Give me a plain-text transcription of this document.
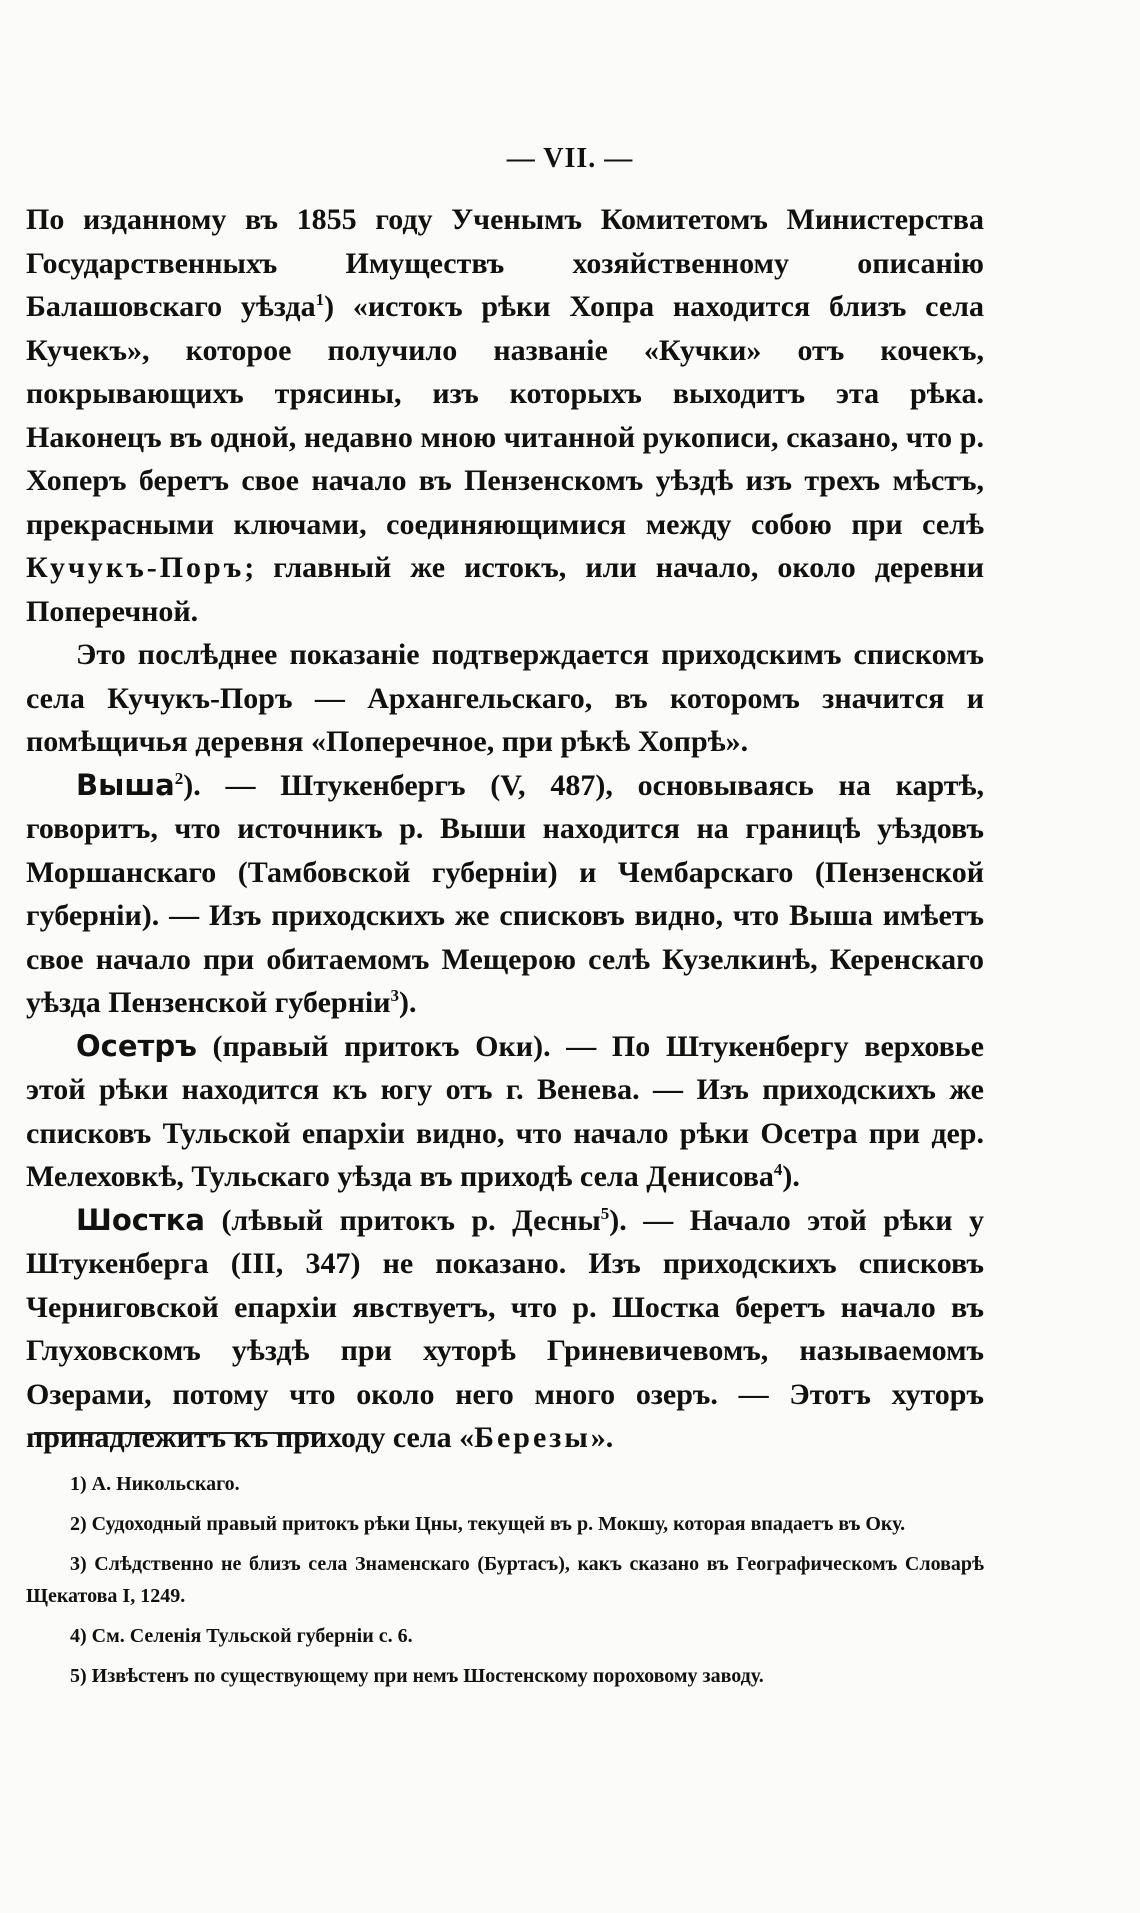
— VII. —

По изданному въ 1855 году Ученымъ Комитетомъ Министерства Государственныхъ Имуществъ хозяйственному описанію Балашовскаго уѣзда$^1$) «истокъ рѣки Хопра находится близъ села Кучекъ», которое получило названіе «Кучки» отъ кочекъ, покрывающихъ трясины, изъ которыхъ выходитъ эта рѣка. Наконецъ въ одной, недавно мною читанной рукописи, сказано, что р. Хоперъ беретъ свое начало въ Пензенскомъ уѣздѣ изъ трехъ мѣстъ, прекрасными ключами, соединяющимися между собою при селѣ Кучукъ-Поръ; главный же истокъ, или начало, около деревни Поперечной.

Это послѣднее показаніе подтверждается приходскимъ спискомъ села Кучукъ-Поръ — Архангельскаго, въ которомъ значится и помѣщичья деревня «Поперечное, при рѣкѣ Хопрѣ».

Выша$^2$). — Штукенбергъ (V, 487), основываясь на картѣ, говоритъ, что источникъ р. Выши находится на границѣ уѣздовъ Моршанскаго (Тамбовской губерніи) и Чембарскаго (Пензенской губерніи). — Изъ приходскихъ же списковъ видно, что Выша имѣетъ свое начало при обитаемомъ Мещерою селѣ Кузелкинѣ, Керенскаго уѣзда Пензенской губерніи$^3$).

Осетръ (правый притокъ Оки). — По Штукенбергу верховье этой рѣки находится къ югу отъ г. Венева. — Изъ приходскихъ же списковъ Тульской епархіи видно, что начало рѣки Осетра при дер. Мелеховкѣ, Тульскаго уѣзда въ приходѣ села Денисова$^4$).

Шостка (лѣвый притокъ р. Десны$^5$). — Начало этой рѣки у Штукенберга (III, 347) не показано. Изъ приходскихъ списковъ Черниговской епархіи явствуетъ, что р. Шостка беретъ начало въ Глуховскомъ уѣздѣ при хуторѣ Гриневичевомъ, называемомъ Озерами, потому что около него много озеръ. — Этотъ хуторъ принадлежитъ къ приходу села «Березы».

1) А. Никольскаго.

2) Судоходный правый притокъ рѣки Цны, текущей въ р. Мокшу, которая впадаетъ въ Оку.

3) Слѣдственно не близъ села Знаменскаго (Буртасъ), какъ сказано въ Географическомъ Словарѣ Щекатова I, 1249.

4) См. Селенія Тульской губерніи с. 6.

5) Извѣстенъ по существующему при немъ Шостенскому пороховому заводу.
